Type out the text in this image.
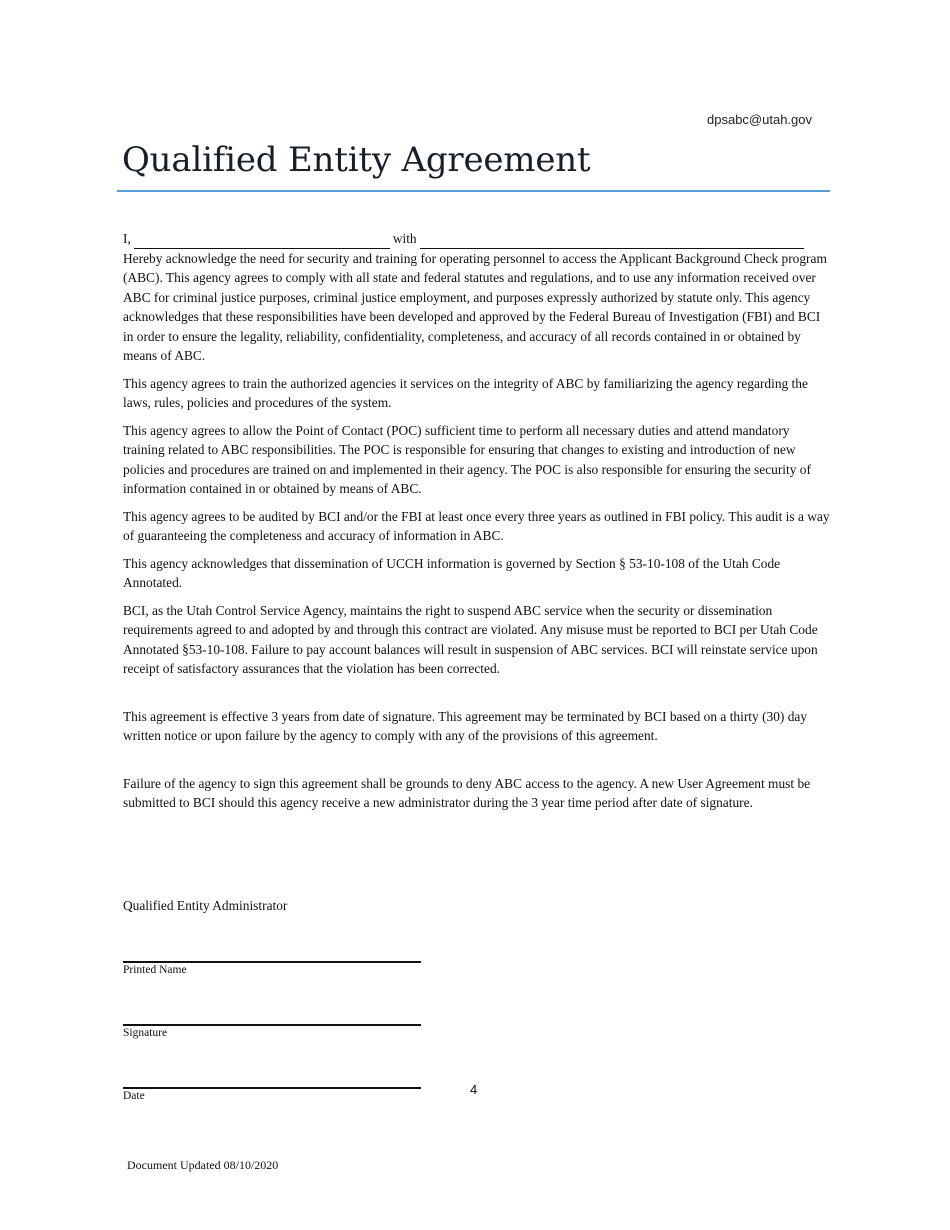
dpsabc@utah.gov
Qualified Entity Agreement
I,	with

Hereby acknowledge the need for security and training for operating personnel to access the Applicant Background Check program (ABC). This agency agrees to comply with all state and federal statutes and regulations, and to use any information received over ABC for criminal justice purposes, criminal justice employment, and purposes expressly authorized by statute only. This agency acknowledges that these responsibilities have been developed and approved by the Federal Bureau of Investigation (FBI) and BCI in order to ensure the legality, reliability, confidentiality, completeness, and accuracy of all records contained in or obtained by means of ABC.

This agency agrees to train the authorized agencies it services on the integrity of ABC by familiarizing the agency regarding the laws, rules, policies and procedures of the system.

This agency agrees to allow the Point of Contact (POC) sufficient time to perform all necessary duties and attend mandatory training related to ABC responsibilities. The POC is responsible for ensuring that changes to existing and introduction of new policies and procedures are trained on and implemented in their agency. The POC is also responsible for ensuring the security of information contained in or obtained by means of ABC.

This agency agrees to be audited by BCI and/or the FBI at least once every three years as outlined in FBI policy. This audit is a way of guaranteeing the completeness and accuracy of information in ABC.

This agency acknowledges that dissemination of UCCH information is governed by Section § 53-10-108 of the Utah Code Annotated.

BCI, as the Utah Control Service Agency, maintains the right to suspend ABC service when the security or dissemination requirements agreed to and adopted by and through this contract are violated. Any misuse must be reported to BCI per Utah Code Annotated §53-10-108. Failure to pay account balances will result in suspension of ABC services. BCI will reinstate service upon receipt of satisfactory assurances that the violation has been corrected.

This agreement is effective 3 years from date of signature. This agreement may be terminated by BCI based on a thirty (30) day written notice or upon failure by the agency to comply with any of the provisions of this agreement.

Failure of the agency to sign this agreement shall be grounds to deny ABC access to the agency. A new User Agreement must be submitted to BCI should this agency receive a new administrator during the 3 year time period after date of signature.

Qualified Entity Administrator

Printed Name
Signature
Date	4
Document Updated 08/10/2020
